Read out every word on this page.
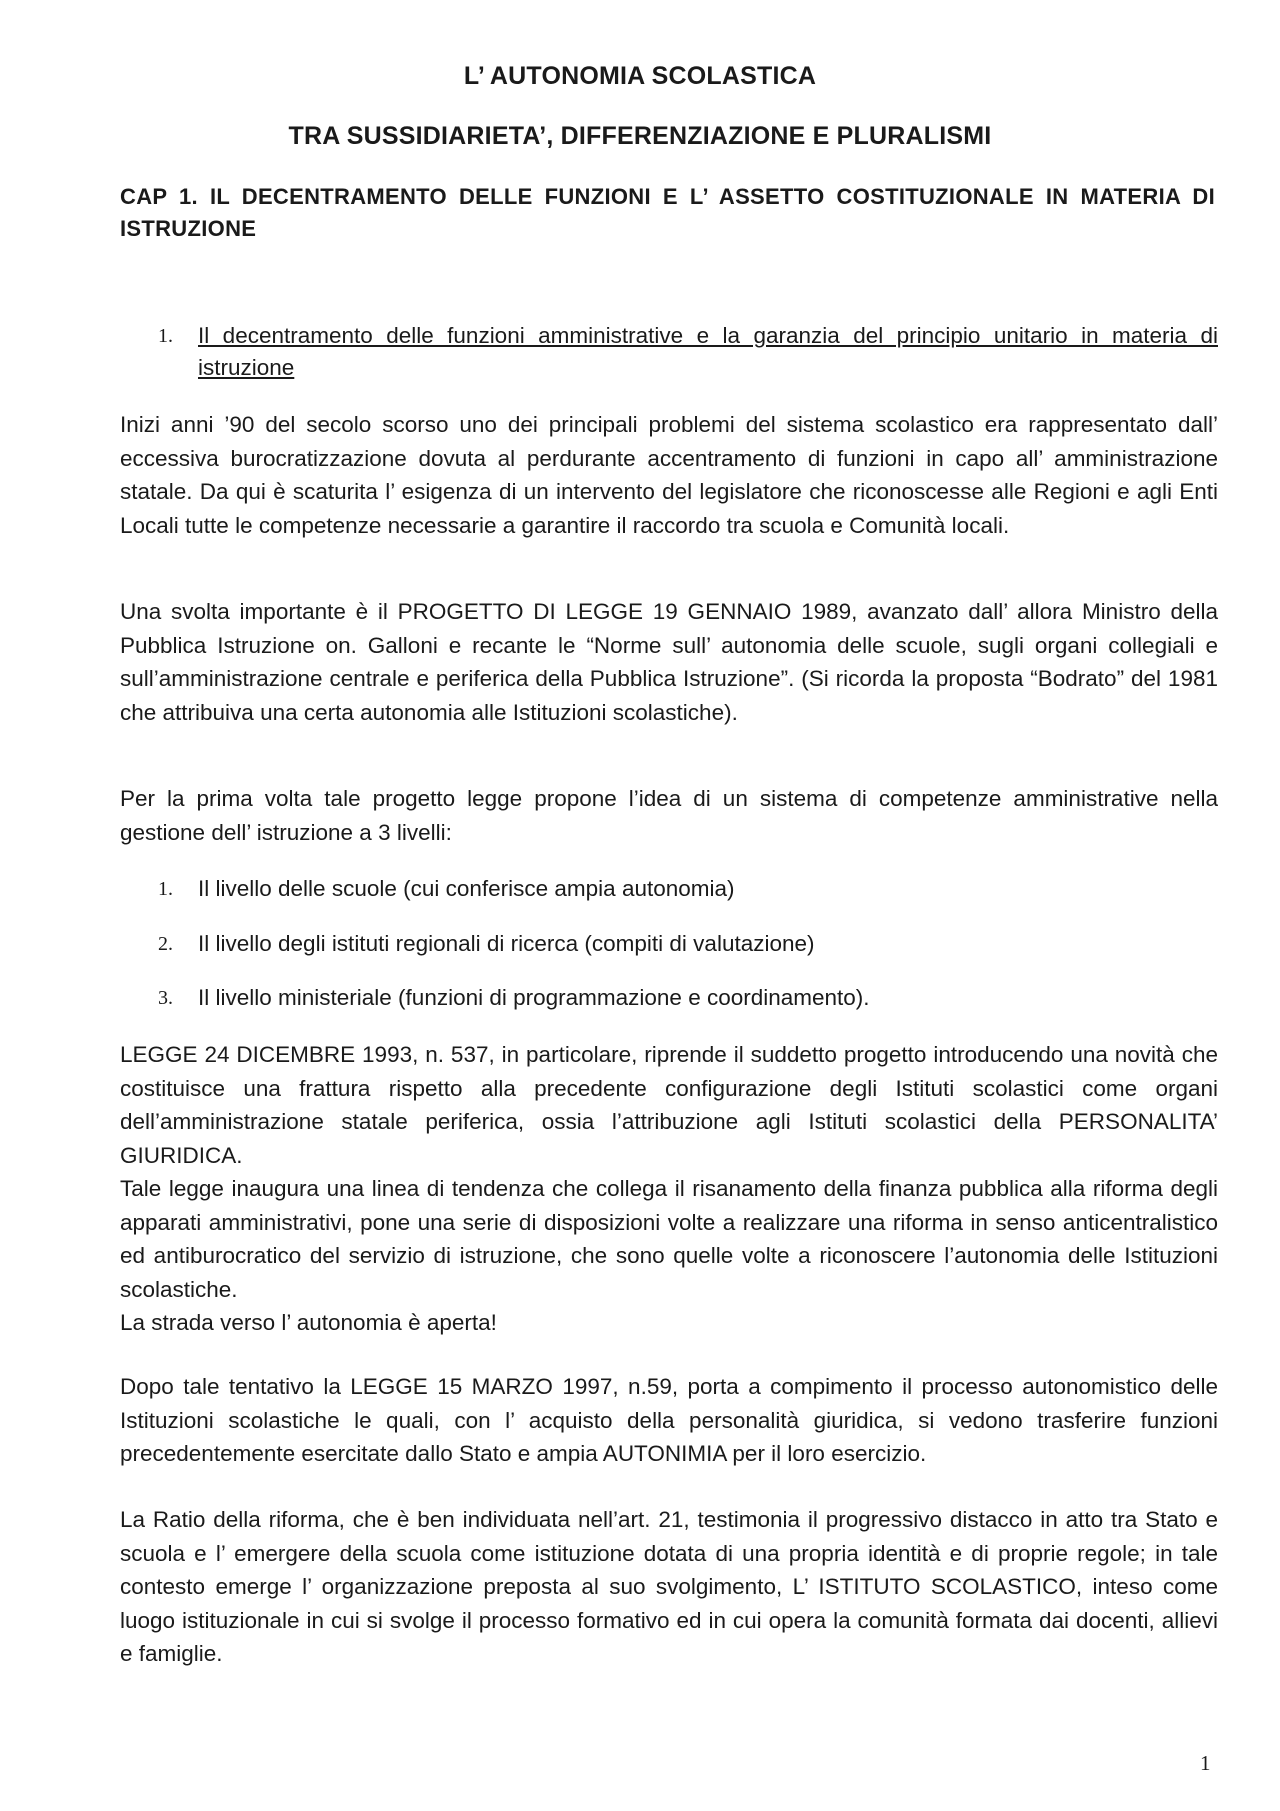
L’ AUTONOMIA SCOLASTICA
TRA SUSSIDIARIETA’, DIFFERENZIAZIONE E PLURALISMI
CAP 1. IL DECENTRAMENTO DELLE FUNZIONI E L’ ASSETTO COSTITUZIONALE IN MATERIA DI ISTRUZIONE
1. Il decentramento delle funzioni amministrative e la garanzia del principio unitario in materia di istruzione
Inizi anni ’90 del secolo scorso uno dei principali problemi del sistema scolastico era rappresentato dall’ eccessiva burocratizzazione dovuta al perdurante accentramento di funzioni in capo all’ amministrazione statale. Da qui è scaturita l’ esigenza di un intervento del legislatore che riconoscesse alle Regioni e agli Enti Locali tutte le competenze necessarie a garantire il raccordo tra scuola e Comunità locali.
Una svolta importante è il PROGETTO DI LEGGE 19 GENNAIO 1989, avanzato dall’ allora Ministro della Pubblica Istruzione on. Galloni e recante le “Norme sull’ autonomia delle scuole, sugli organi collegiali e sull’amministrazione centrale e periferica della Pubblica Istruzione”. (Si ricorda la proposta “Bodrato” del 1981 che attribuiva una certa autonomia alle Istituzioni scolastiche).
Per la prima volta tale progetto legge propone l’idea di un sistema di competenze amministrative nella gestione dell’ istruzione a 3 livelli:
1. Il livello delle scuole (cui conferisce ampia autonomia)
2. Il livello degli istituti regionali di ricerca (compiti di valutazione)
3. Il livello ministeriale (funzioni di programmazione e coordinamento).
LEGGE 24 DICEMBRE 1993, n. 537, in particolare, riprende il suddetto progetto introducendo una novità che costituisce una frattura rispetto alla precedente configurazione degli Istituti scolastici come organi dell’amministrazione statale periferica, ossia l’attribuzione agli Istituti scolastici della PERSONALITA’ GIURIDICA.
Tale legge inaugura una linea di tendenza che collega il risanamento della finanza pubblica alla riforma degli apparati amministrativi, pone una serie di disposizioni volte a realizzare una riforma in senso anticentralistico ed antiburocratico del servizio di istruzione, che sono quelle volte a riconoscere l’autonomia delle Istituzioni scolastiche.
La strada verso l’ autonomia è aperta!
Dopo tale tentativo la LEGGE 15 MARZO 1997, n.59, porta a compimento il processo autonomistico delle Istituzioni scolastiche le quali, con l’ acquisto della personalità giuridica, si vedono trasferire funzioni precedentemente esercitate dallo Stato e ampia AUTONIMIA per il loro esercizio.
La Ratio della riforma, che è ben individuata nell’art. 21, testimonia il progressivo distacco in atto tra Stato e scuola e l’ emergere della scuola come istituzione dotata di una propria identità e di proprie regole; in tale contesto emerge l’ organizzazione preposta al suo svolgimento, L’ ISTITUTO SCOLASTICO, inteso come luogo istituzionale in cui si svolge il processo formativo ed in cui opera la comunità formata dai docenti, allievi e famiglie.
1
